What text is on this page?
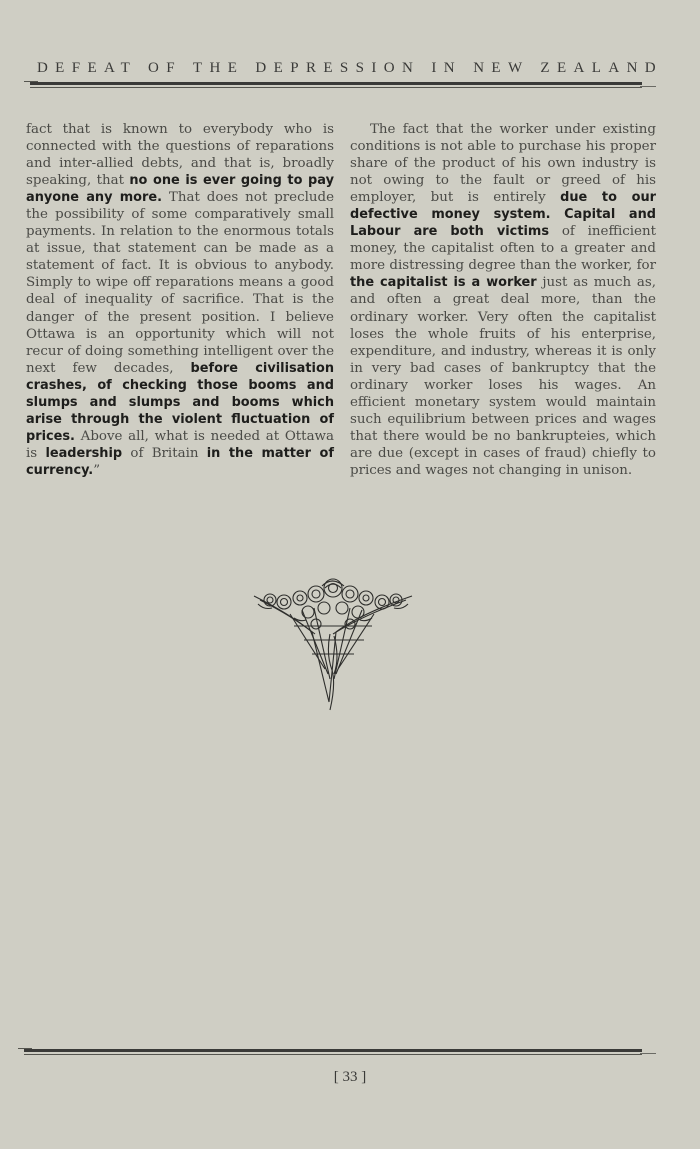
DEFEAT OF THE DEPRESSION IN NEW ZEALAND

fact that is known to everybody who is connected with the questions of reparations and inter-allied debts, and that is, broadly speaking, that no one is ever going to pay anyone any more. That does not preclude the possibility of some comparatively small payments. In relation to the enormous totals at issue, that statement can be made as a statement of fact. It is obvious to anybody. Simply to wipe off reparations means a good deal of inequality of sacrifice. That is the danger of the present position. I believe Ottawa is an opportunity which will not recur of doing something intelligent over the next few decades, before civilisation crashes, of checking those booms and slumps and slumps and booms which arise through the violent fluctuation of prices. Above all, what is needed at Ottawa is leadership of Britain in the matter of currency.”

The fact that the worker under existing conditions is not able to purchase his proper share of the product of his own industry is not owing to the fault or greed of his employer, but is entirely due to our defective money system. Capital and Labour are both victims of inefficient money, the capitalist often to a greater and more distressing degree than the worker, for the capitalist is a worker just as much as, and often a great deal more, than the ordinary worker. Very often the capitalist loses the whole fruits of his enterprise, expenditure, and industry, whereas it is only in very bad cases of bankruptcy that the ordinary worker loses his wages. An efficient monetary system would maintain such equilibrium between prices and wages that there would be no bankrupteies, which are due (except in cases of fraud) chiefly to prices and wages not changing in unison.

[ 33 ]
